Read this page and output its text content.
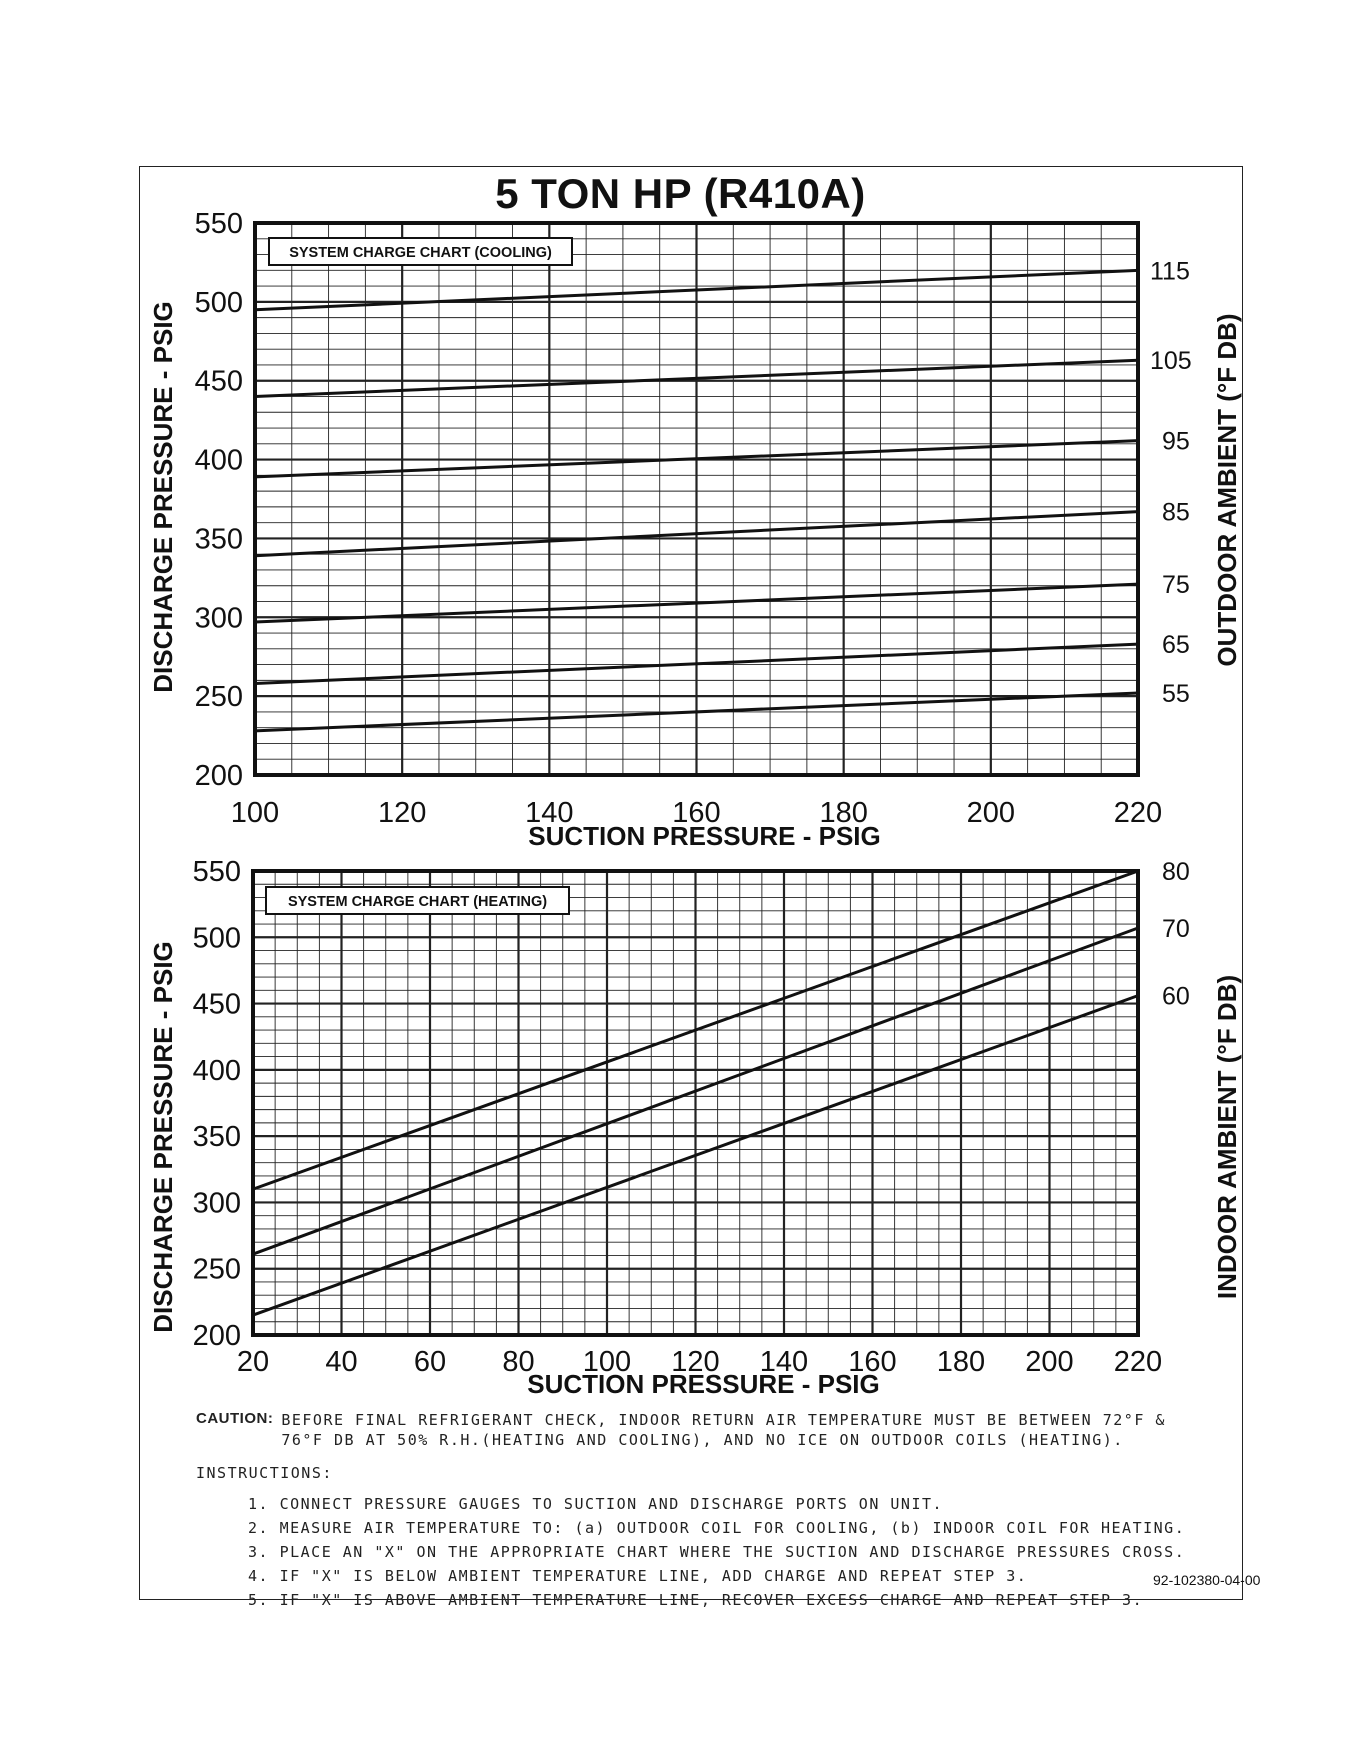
5 TON HP (R410A)
SYSTEM CHARGE CHART (COOLING)
55
65
75
85
95
105
115
200
250
300
350
400
450
500
550
100	120	140	160	180	200	220
SUCTION PRESSURE - PSIG
DISCHARGE PRESSURE - PSIG	OUTDOOR AMBIENT (°F DB)
SYSTEM CHARGE CHART (HEATING)
60
70
80
200
250
300
350
400
450
500
550
20 40 60 80 100 120 140 160 180 200 220
SUCTION PRESSURE - PSIG
DISCHARGE PRESSURE - PSIG	INDOOR AMBIENT (°F DB)
CAUTION: BEFORE FINAL REFRIGERANT CHECK, INDOOR RETURN AIR TEMPERATURE MUST BE BETWEEN 72°F & 76°F DB AT 50% R.H.(HEATING AND COOLING), AND NO ICE ON OUTDOOR COILS (HEATING).
INSTRUCTIONS:
1. CONNECT PRESSURE GAUGES TO SUCTION AND DISCHARGE PORTS ON UNIT.
2. MEASURE AIR TEMPERATURE TO: (a) OUTDOOR COIL FOR COOLING, (b) INDOOR COIL FOR HEATING.
3. PLACE AN "X" ON THE APPROPRIATE CHART WHERE THE SUCTION AND DISCHARGE PRESSURES CROSS.
4. IF "X" IS BELOW AMBIENT TEMPERATURE LINE, ADD CHARGE AND REPEAT STEP 3.
5. IF "X" IS ABOVE AMBIENT TEMPERATURE LINE, RECOVER EXCESS CHARGE AND REPEAT STEP 3.
92-102380-04-00
